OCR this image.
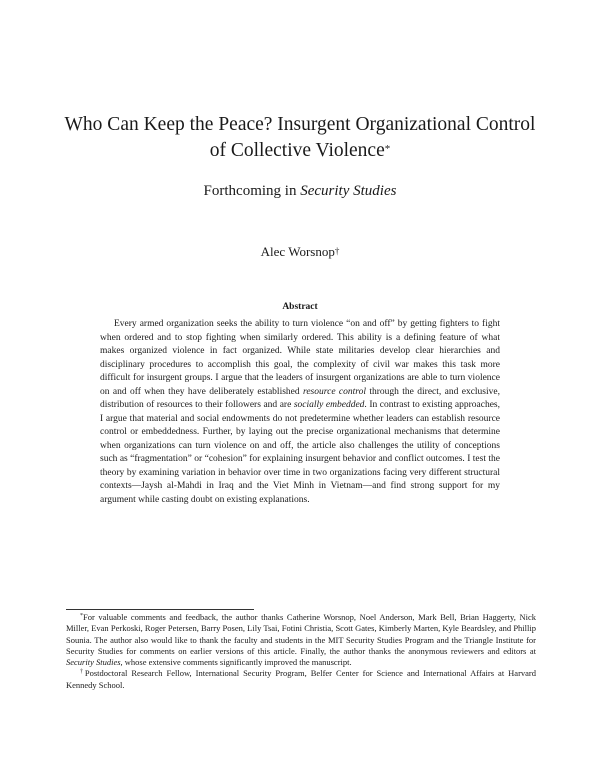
Who Can Keep the Peace? Insurgent Organizational Control of Collective Violence*
Forthcoming in Security Studies
Alec Worsnop†
Abstract

Every armed organization seeks the ability to turn violence “on and off” by getting fighters to fight when ordered and to stop fighting when similarly ordered. This ability is a defining feature of what makes organized violence in fact organized. While state militaries develop clear hierarchies and disciplinary procedures to accomplish this goal, the complexity of civil war makes this task more difficult for insurgent groups. I argue that the leaders of insurgent organizations are able to turn violence on and off when they have deliberately established resource control through the direct, and exclusive, distribution of resources to their followers and are socially embedded. In contrast to existing approaches, I argue that material and social endowments do not predetermine whether leaders can establish resource control or embeddedness. Further, by laying out the precise organizational mechanisms that determine when organizations can turn violence on and off, the article also challenges the utility of conceptions such as “fragmentation” or “cohesion” for explaining insurgent behavior and conflict outcomes. I test the theory by examining variation in behavior over time in two organizations facing very different structural contexts—Jaysh al-Mahdi in Iraq and the Viet Minh in Vietnam—and find strong support for my argument while casting doubt on existing explanations.

*For valuable comments and feedback, the author thanks Catherine Worsnop, Noel Anderson, Mark Bell, Brian Haggerty, Nick Miller, Evan Perkoski, Roger Petersen, Barry Posen, Lily Tsai, Fotini Christia, Scott Gates, Kimberly Marten, Kyle Beardsley, and Phillip Sounia. The author also would like to thank the faculty and students in the MIT Security Studies Program and the Triangle Institute for Security Studies for comments on earlier versions of this article. Finally, the author thanks the anonymous reviewers and editors at Security Studies, whose extensive comments significantly improved the manuscript.

†Postdoctoral Research Fellow, International Security Program, Belfer Center for Science and International Affairs at Harvard Kennedy School.
